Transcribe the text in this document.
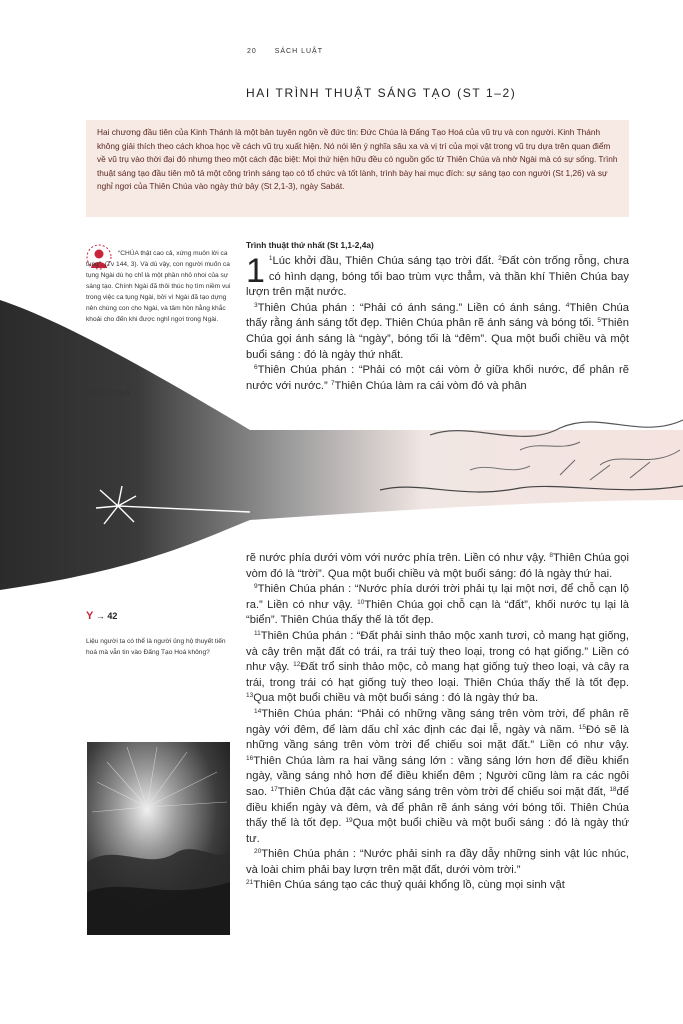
20	SÁCH LUẬT
HAI TRÌNH THUẬT SÁNG TẠO (ST 1–2)
Hai chương đầu tiên của Kinh Thánh là một bản tuyên ngôn về đức tin: Đức Chúa là Đấng Tạo Hoá của vũ trụ và con người. Kinh Thánh không giải thích theo cách khoa học về cách vũ trụ xuất hiện. Nó nói lên ý nghĩa sâu xa và vị trí của mọi vật trong vũ trụ dựa trên quan điểm về vũ trụ vào thời đại đó nhưng theo một cách đặc biệt: Mọi thứ hiện hữu đều có nguồn gốc từ Thiên Chúa và nhờ Ngài mà có sự sống. Trình thuật sáng tạo đầu tiên mô tả một công trình sáng tạo có tổ chức và tốt lành, trình bày hai mục đích: sự sáng tạo con người (St 1,26) và sự nghỉ ngơi của Thiên Chúa vào ngày thứ bảy (St 2,1-3), ngày Sabát.
“CHÚA thật cao cả, xứng muôn lời ca tụng”. (Tv 144, 3). Và dù vậy, con người muốn ca tụng Ngài dù họ chỉ là một phần nhỏ nhoi của sự sáng tạo. Chính Ngài đã thôi thúc họ tìm niềm vui trong việc ca tụng Ngài, bởi vì Ngài đã tạo dựng nên chúng con cho Ngài, và tâm hồn hằng khắc khoải cho đến khi được nghỉ ngơi trong Ngài.
AUGUSTINÔ
Y → 42
Liệu người ta có thể là người ủng hộ thuyết tiến hoá mà vẫn tin vào Đấng Tạo Hoá không?
Trình thuật thứ nhất (St 1,1-2,4a)

1 $^1$Lúc khởi đầu, Thiên Chúa sáng tạo trời đất. $^2$Đất còn trống rỗng, chưa có hình dạng, bóng tối bao trùm vực thẳm, và thần khí Thiên Chúa bay lượn trên mặt nước.

$^3$Thiên Chúa phán : “Phải có ánh sáng.” Liền có ánh sáng. $^4$Thiên Chúa thấy rằng ánh sáng tốt đẹp. Thiên Chúa phân rẽ ánh sáng và bóng tối. $^5$Thiên Chúa gọi ánh sáng là “ngày”, bóng tối là “đêm”. Qua một buổi chiều và một buổi sáng : đó là ngày thứ nhất.

$^6$Thiên Chúa phán : “Phải có một cái vòm ở giữa khối nước, để phân rẽ nước với nước.” $^7$Thiên Chúa làm ra cái vòm đó và phân

rẽ nước phía dưới vòm với nước phía trên. Liền có như vậy. $^8$Thiên Chúa gọi vòm đó là “trời”. Qua một buổi chiều và một buổi sáng: đó là ngày thứ hai.

$^9$Thiên Chúa phán : “Nước phía dưới trời phải tụ lại một nơi, để chỗ cạn lộ ra.” Liền có như vậy. $^{10}$Thiên Chúa gọi chỗ cạn là “đất”, khối nước tụ lại là “biển”. Thiên Chúa thấy thế là tốt đẹp.

$^{11}$Thiên Chúa phán : “Đất phải sinh thảo mộc xanh tươi, cỏ mang hạt giống, và cây trên mặt đất có trái, ra trái tuỳ theo loại, trong có hạt giống.” Liền có như vậy. $^{12}$Đất trổ sinh thảo mộc, cỏ mang hạt giống tuỳ theo loại, và cây ra trái, trong trái có hạt giống tuỳ theo loại. Thiên Chúa thấy thế là tốt đẹp. $^{13}$Qua một buổi chiều và một buổi sáng : đó là ngày thứ ba.

$^{14}$Thiên Chúa phán: “Phải có những vầng sáng trên vòm trời, để phân rẽ ngày với đêm, để làm dấu chỉ xác định các đại lễ, ngày và năm. $^{15}$Đó sẽ là những vầng sáng trên vòm trời để chiếu soi mặt đất.” Liền có như vậy. $^{16}$Thiên Chúa làm ra hai vầng sáng lớn : vầng sáng lớn hơn để điều khiển ngày, vầng sáng nhỏ hơn để điều khiển đêm ; Người cũng làm ra các ngôi sao. $^{17}$Thiên Chúa đặt các vầng sáng trên vòm trời để chiếu soi mặt đất, $^{18}$để điều khiển ngày và đêm, và để phân rẽ ánh sáng với bóng tối. Thiên Chúa thấy thế là tốt đẹp. $^{19}$Qua một buổi chiều và một buổi sáng : đó là ngày thứ tư.

$^{20}$Thiên Chúa phán : “Nước phải sinh ra đầy dẫy những sinh vật lúc nhúc, và loài chim phải bay lượn trên mặt đất, dưới vòm trời.”

$^{21}$Thiên Chúa sáng tạo các thuỷ quái khổng lồ, cùng mọi sinh vật
